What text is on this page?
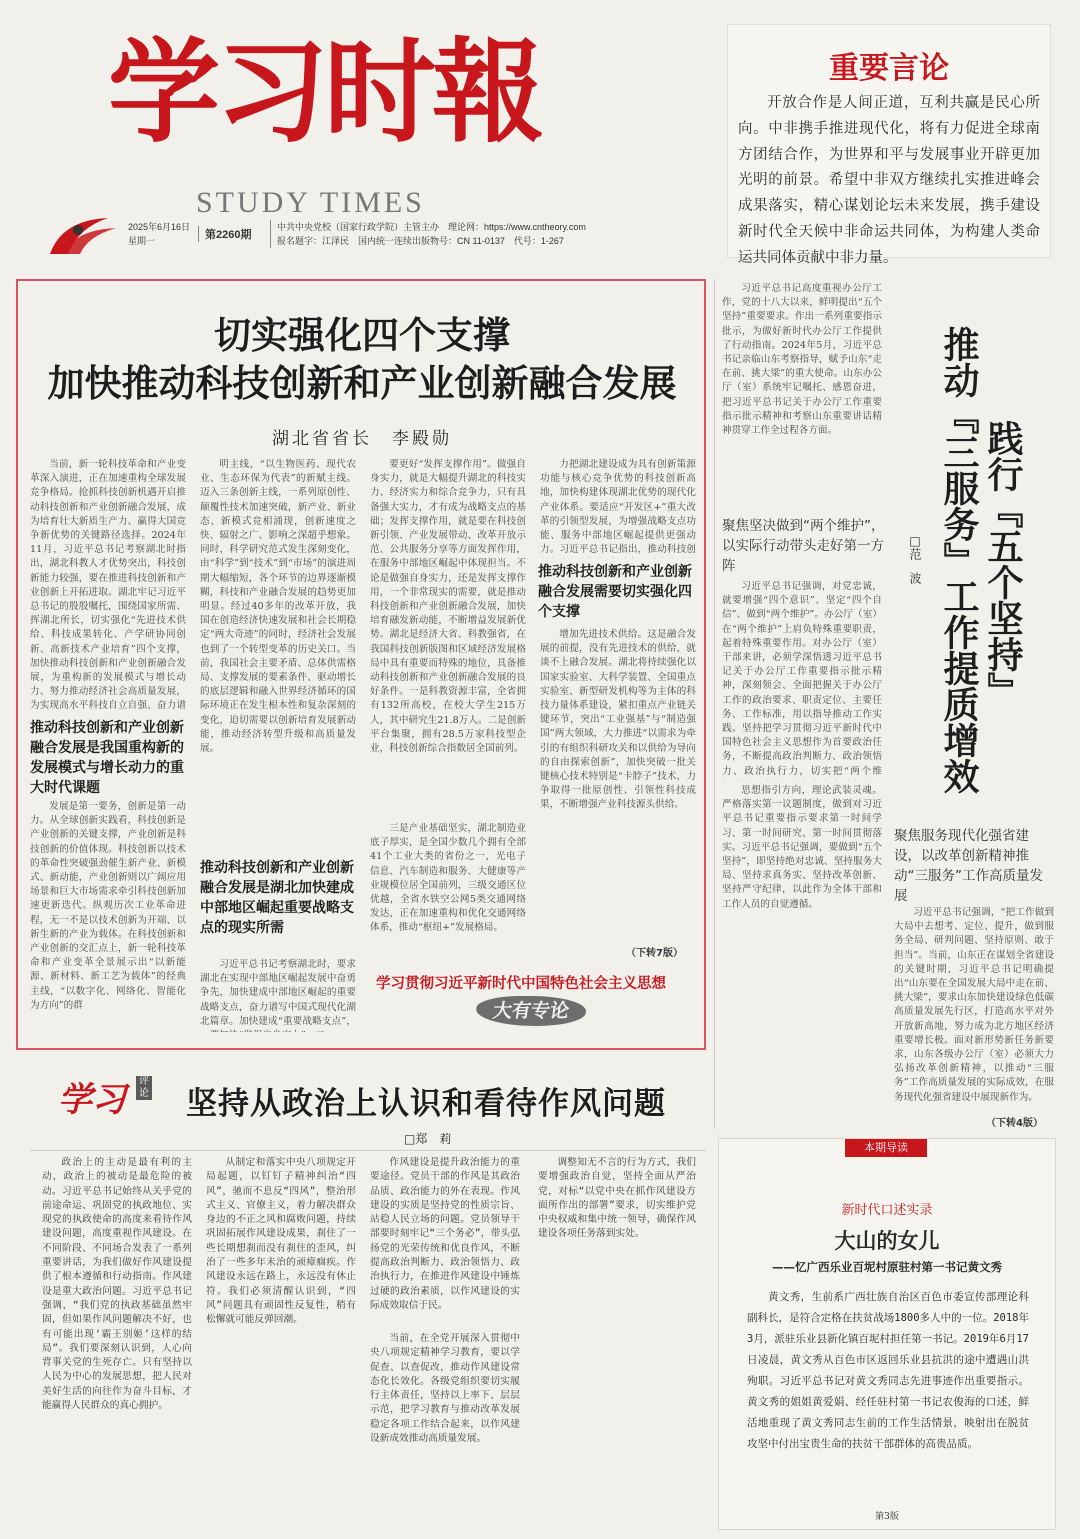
学习时報
STUDY TIMES
2025年6月16日
星期一	第2260期
中共中央党校（国家行政学院）主管主办　理论网：https://www.cntheory.com
报名题字：江泽民　国内统一连续出版物号：CN 11-0137　代号：1-267
重要言论
开放合作是人间正道，互利共赢是民心所向。中非携手推进现代化，将有力促进全球南方团结合作，为世界和平与发展事业开辟更加光明的前景。希望中非双方继续扎实推进峰会成果落实，精心谋划论坛未来发展，携手建设新时代全天候中非命运共同体，为构建人类命运共同体贡献中非力量。
切实强化四个支撑
加快推动科技创新和产业创新融合发展
湖北省省长　李殿勋
当前，新一轮科技革命和产业变革深入演进，正在加速重构全球发展竞争格局。抢抓科技创新机遇开启推动科技创新和产业创新融合发展，成为培育壮大新质生产力、赢得大国竞争新优势的关键路径选择。2024年11月，习近平总书记考察湖北时指出，湖北科教人才优势突出，科技创新能力较强，要在推进科技创新和产业创新上开拓进取。湖北牢记习近平总书记的殷殷嘱托，围绕国家所需、挥湖北所长，切实强化“先进技术供给、科技成果转化、产学研协同创新、高新技术产业培育”四个支撑，加快推动科技创新和产业创新融合发展，为重构新的发展模式与增长动力、努力推动经济社会高质量发展，为实现高水平科技自立自强、奋力谱
推动科技创新和产业创新融合发展是我国重构新的发展模式与增长动力的重大时代课题
发展是第一要务，创新是第一动力。从全球创新实践看，科技创新是产业创新的关键支撑，产业创新是科技创新的价值体现。科技创新以技术的革命性突破强劲催生新产业、新模式、新动能，产业创新则以广阔应用场景和巨大市场需求牵引科技创新加速更新迭代。纵观历次工业革命进程，无一不是以技术创新为开端、以新生新的产业为载体。在科技创新和产业创新的交汇点上，新一轮科技革命和产业变革全景展示出“以新能源、新材料、新工艺为载体”的经典主线，“以数字化、网络化、智能化为方向”的群
明主线，“以生物医药、现代农业、生态环保为代表”的新赋主线。迈入三条创新主线，一系列原创性、颠覆性技术加速突破，新产业、新业态、新模式竞相涌现，创新速度之快、辐射之广、影响之深超乎想象。同时，科学研究范式发生深刻变化，由“科学”到“技术”到“市场”的演进周期大幅缩短，各个环节的边界逐渐模糊，科技和产业融合发展的趋势更加明显。经过40多年的改革开放，我国在创造经济快速发展和社会长期稳定“两大奇迹”的同时，经济社会发展也到了一个转型变革的历史关口。当前，我国社会主要矛盾、总体供需格局、支撑发展的要素条件、驱动增长的底层逻辑和融入世界经济循环的国际环境正在发生根本性和复杂深刻的变化，迫切需要以创新培育发展新动能，推动经济转型升级和高质量发展。
推动科技创新和产业创新融合发展是湖北加快建成中部地区崛起重要战略支点的现实所需
习近平总书记考察湖北时，要求湖北在实现中部地区崛起发展中奋勇争先，加快建成中部地区崛起的重要战略支点，奋力谱写中国式现代化湖北篇章。加快建成“重要战略支点”，
要更好“发挥支撑作用”。做强自身实力，就是大幅提升湖北的科技实力、经济实力和综合竞争力，只有具备强大实力，才有成为战略支点的基础；发挥支撑作用，就是要在科技创新引领、产业发展带动、改革开放示范、公共服务分享等方面发挥作用，在服务中部地区崛起中体现担当。不论是做强自身实力，还是发挥支撑作用，一个非常现实的需要，就是推动科技创新和产业创新融合发展，加快培育融发新动能，不断增益发展新优势。湖北是经济大省、科教强省，在我国科技创新版图和区域经济发展格局中具有重要而特殊的地位，具备推动科技创新和产业创新融合发展的良好条件。一是科教资源丰富，全省拥有132所高校，在校大学生215万人，其中研究生21.8万人。二是创新平台集聚，拥有28.5万家科技型企业，科技创新综合指数居全国前列。
三是产业基础坚实，湖北制造业底子厚实，是全国少数几个拥有全部41个工业大类的省份之一，光电子信息、汽车制造和服务、大健康等产业规模位居全国前列，三级交通区位优越，全省水铁空公网5类交通网络发达，正在加速重构和优化交通网络体系，推动“枢纽+”发展格局。
力把湖北建设成为具有创新策源功能与核心竞争优势的科技创新高地，加快构建体现湖北优势的现代化产业体系。要适应“开发区+”重大改革的引领型发展，为增强战略支点功能、服务中部地区崛起提供更强动力。习近平总书记指出，推动科技创
推动科技创新和产业创新融合发展需要切实强化四个支撑
增加先进技术供给。这是融合发展的前提，没有先进技术的供给，就谈不上融合发展。湖北将持续强化以国家实验室、大科学装置、全国重点实验室、新型研发机构等为主体的科技力量体系建设，紧扣重点产业链关键环节，突出“工业强基”与“制造强国”两大领域，大力推进“以需求为牵引的有组织科研攻关和以供给为导向的自由探索创新”，加快突破一批关键核心技术特别是“卡脖子”技术，力争取得一批原创性、引领性科技成果，不断增强产业科技源头供给。
（下转7版）
学习贯彻习近平新时代中国特色社会主义思想
大有专论
习近平总书记高度重视办公厅工作，党的十八大以来，鲜明提出“五个坚持”重要要求。作出一系列重要指示批示，为做好新时代办公厅工作提供了行动指南。2024年5月，习近平总书记亲临山东考察指导，赋予山东“走在前、挑大梁”的重大使命。山东办公厅（室）系统牢记嘱托、感恩奋进，把习近平总书记关于办公厅工作重要指示批示精神和考察山东重要讲话精神贯穿工作全过程各方面。
聚焦坚决做到“两个维护”，以实际行动带头走好第一方阵
习近平总书记强调，对党忠诚，就要增强“四个意识”、坚定“四个自信”、做到“两个维护”。办公厅（室）在“两个维护”上肩负特殊重要职责，起着特殊重要作用。对办公厅（室）干部来讲，必须学深悟透习近平总书记关于办公厅工作重要指示批示精神，深刻领会、全面把握关于办公厅工作的政治要求、职责定位、主要任务、工作标准，用以指导推动工作实践。坚持把学习贯彻习近平新时代中国特色社会主义思想作为首要政治任务，不断提高政治判断力、政治领悟力、政治执行力，切实把“两个维
思想指引方向，理论武装灵魂。严格落实第一议题制度，做到对习近平总书记重要指示要求第一时间学习、第一时间研究、第一时间贯彻落实。习近平总书记强调，要做到“五个坚持”，即坚持绝对忠诚、坚持服务大局、坚持求真务实、坚持改革创新、坚持严守纪律，以此作为全体干部和工作人员的自觉遵循。
推动『三服务』工作提质增效 践行『五个坚持』
□范　波
聚焦服务现代化强省建设，以改革创新精神推动“三服务”工作高质量发展
习近平总书记强调，“把工作做到大局中去想考、定位、提升，做到服务全局、研判问题、坚持原则、敢于担当”。当前，山东正在谋划全省建设的关键时期，习近平总书记明确提出“山东要在全国发展大局中走在前、挑大梁”，要求山东加快建设绿色低碳高质量发展先行区，打造高水平对外开放新高地，努力成为北方地区经济重要增长极。面对新形势新任务新要求，山东各级办公厅（室）必须大力弘扬改革创新精神，以推动“三服务”工作高质量发展的实际成效，在服务现代化强省建设中展现新作为。
（下转4版）
学习	评论 坚持从政治上认识和看待作风问题
□郑　莉
政治上的主动是最有利的主动，政治上的被动是最危险的被动。习近平总书记始终从关乎党的前途命运、巩固党的执政地位、实现党的执政使命的高度来看待作风建设问题，高度重视作风建设。在不同阶段、不同场合发表了一系列重要讲话，为我们做好作风建设提供了根本遵循和行动指南。作风建设是重大政治问题。习近平总书记强调，“我们党的执政基础虽然牢固，但如果作风问题解决不好，也有可能出现‘霸王别姬’这样的结局”。我们要深刻认识到，人心向背事关党的生死存亡。只有坚持以人民为中心的发展思想，把人民对美好生活的向往作为奋斗目标，才能赢得人民群众的真心拥护。
从制定和落实中央八项规定开局起题，以钉钉子精神纠治“四风”，驰而不息反“四风”，整治形式主义、官僚主义，着力解决群众身边的不正之风和腐败问题，持续巩固拓展作风建设成果，刹住了一些长期想刹而没有刹住的歪风，纠治了一些多年未治的顽瘴痼疾。作风建设永远在路上，永远没有休止符。我们必须清醒认识到，“四风”问题具有顽固性反复性，稍有松懈就可能反弹回潮。
作风建设是提升政治能力的重要途径。党员干部的作风是其政治品质、政治能力的外在表现。作风建设的实质是坚持党的性质宗旨、站稳人民立场的问题。党员领导干部要时刻牢记“三个务必”，带头弘扬党的光荣传统和优良作风，不断提高政治判断力、政治领悟力、政治执行力，在推进作风建设中锤炼过硬的政治素质，以作风建设的实际成效取信于民。
当前，在全党开展深入贯彻中央八项规定精神学习教育，要以学促查、以查促改，推动作风建设常态化长效化。各级党组织要切实履行主体责任，坚持以上率下、层层示范，把学习教育与推动改革发展稳定各项工作结合起来，以作风建设新成效推动高质量发展。
调整知无不言的行为方式，我们要增强政治自觉，坚持全面从严治党，对标“以党中央在抓作风建设方面所作出的部署”要求，切实维护党中央权威和集中统一领导，确保作风建设各项任务落到实处。
本期导读
新时代口述实录
大山的女儿
——忆广西乐业百坭村原驻村第一书记黄文秀
黄文秀，生前系广西壮族自治区百色市委宣传部理论科副科长，是符合定格在扶贫战场1800多人中的一位。2018年3月，派驻乐业县新化镇百坭村担任第一书记。2019年6月17日凌晨，黄文秀从百色市区返回乐业县抗洪的途中遭遇山洪殉职。习近平总书记对黄文秀同志先进事迹作出重要指示。黄文秀的姐姐黄爱娟、经任驻村第一书记农俊海的口述，鲜活地重现了黄文秀同志生前的工作生活情景，映射出在脱贫攻坚中付出宝贵生命的扶贫干部群体的高贵品质。
第3版
